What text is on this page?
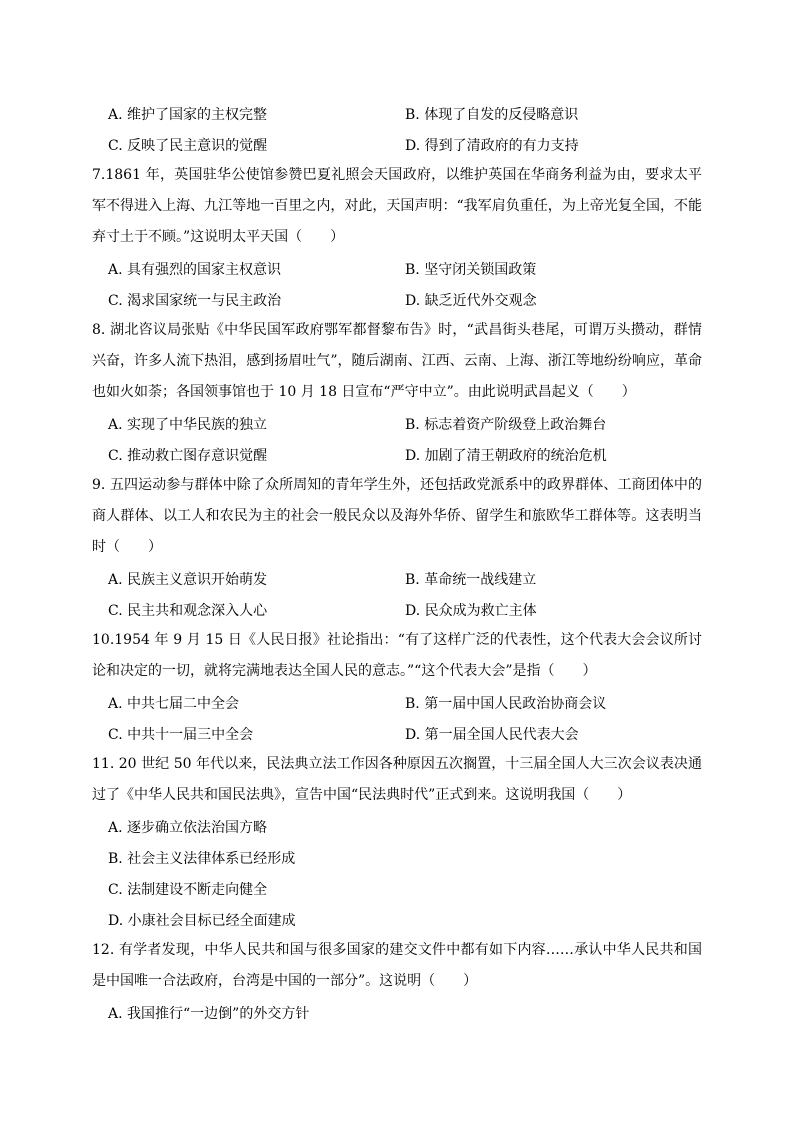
A. 维护了国家的主权完整	B. 体现了自发的反侵略意识
C. 反映了民主意识的觉醒	D. 得到了清政府的有力支持
7.1861 年，英国驻华公使馆参赞巴夏礼照会天国政府，以维护英国在华商务利益为由，要求太平军不得进入上海、九江等地一百里之内，对此，天国声明：“我军肩负重任，为上帝光复全国，不能弃寸土于不顾。”这说明太平天国（　　）
A. 具有强烈的国家主权意识	B. 坚守闭关锁国政策
C. 渴求国家统一与民主政治	D. 缺乏近代外交观念
8. 湖北咨议局张贴《中华民国军政府鄂军都督黎布告》时，“武昌街头巷尾，可谓万头攒动，群情兴奋，许多人流下热泪，感到扬眉吐气”，随后湖南、江西、云南、上海、浙江等地纷纷响应，革命也如火如荼；各国领事馆也于 10 月 18 日宣布“严守中立”。由此说明武昌起义（　　）
A. 实现了中华民族的独立	B. 标志着资产阶级登上政治舞台
C. 推动救亡图存意识觉醒	D. 加剧了清王朝政府的统治危机
9. 五四运动参与群体中除了众所周知的青年学生外，还包括政党派系中的政界群体、工商团体中的商人群体、以工人和农民为主的社会一般民众以及海外华侨、留学生和旅欧华工群体等。这表明当时（　　）
A. 民族主义意识开始萌发	B. 革命统一战线建立
C. 民主共和观念深入人心	D. 民众成为救亡主体
10.1954 年 9 月 15 日《人民日报》社论指出：“有了这样广泛的代表性，这个代表大会会议所讨论和决定的一切，就将完满地表达全国人民的意志。”“这个代表大会”是指（　　）
A. 中共七届二中全会	B. 第一届中国人民政治协商会议
C. 中共十一届三中全会	D. 第一届全国人民代表大会
11. 20 世纪 50 年代以来，民法典立法工作因各种原因五次搁置，十三届全国人大三次会议表决通过了《中华人民共和国民法典》，宣告中国“民法典时代”正式到来。这说明我国（　　）
A. 逐步确立依法治国方略
B. 社会主义法律体系已经形成
C. 法制建设不断走向健全
D. 小康社会目标已经全面建成
12. 有学者发现，中华人民共和国与很多国家的建交文件中都有如下内容……承认中华人民共和国是中国唯一合法政府，台湾是中国的一部分”。这说明（　　）
A. 我国推行“一边倒”的外交方针
